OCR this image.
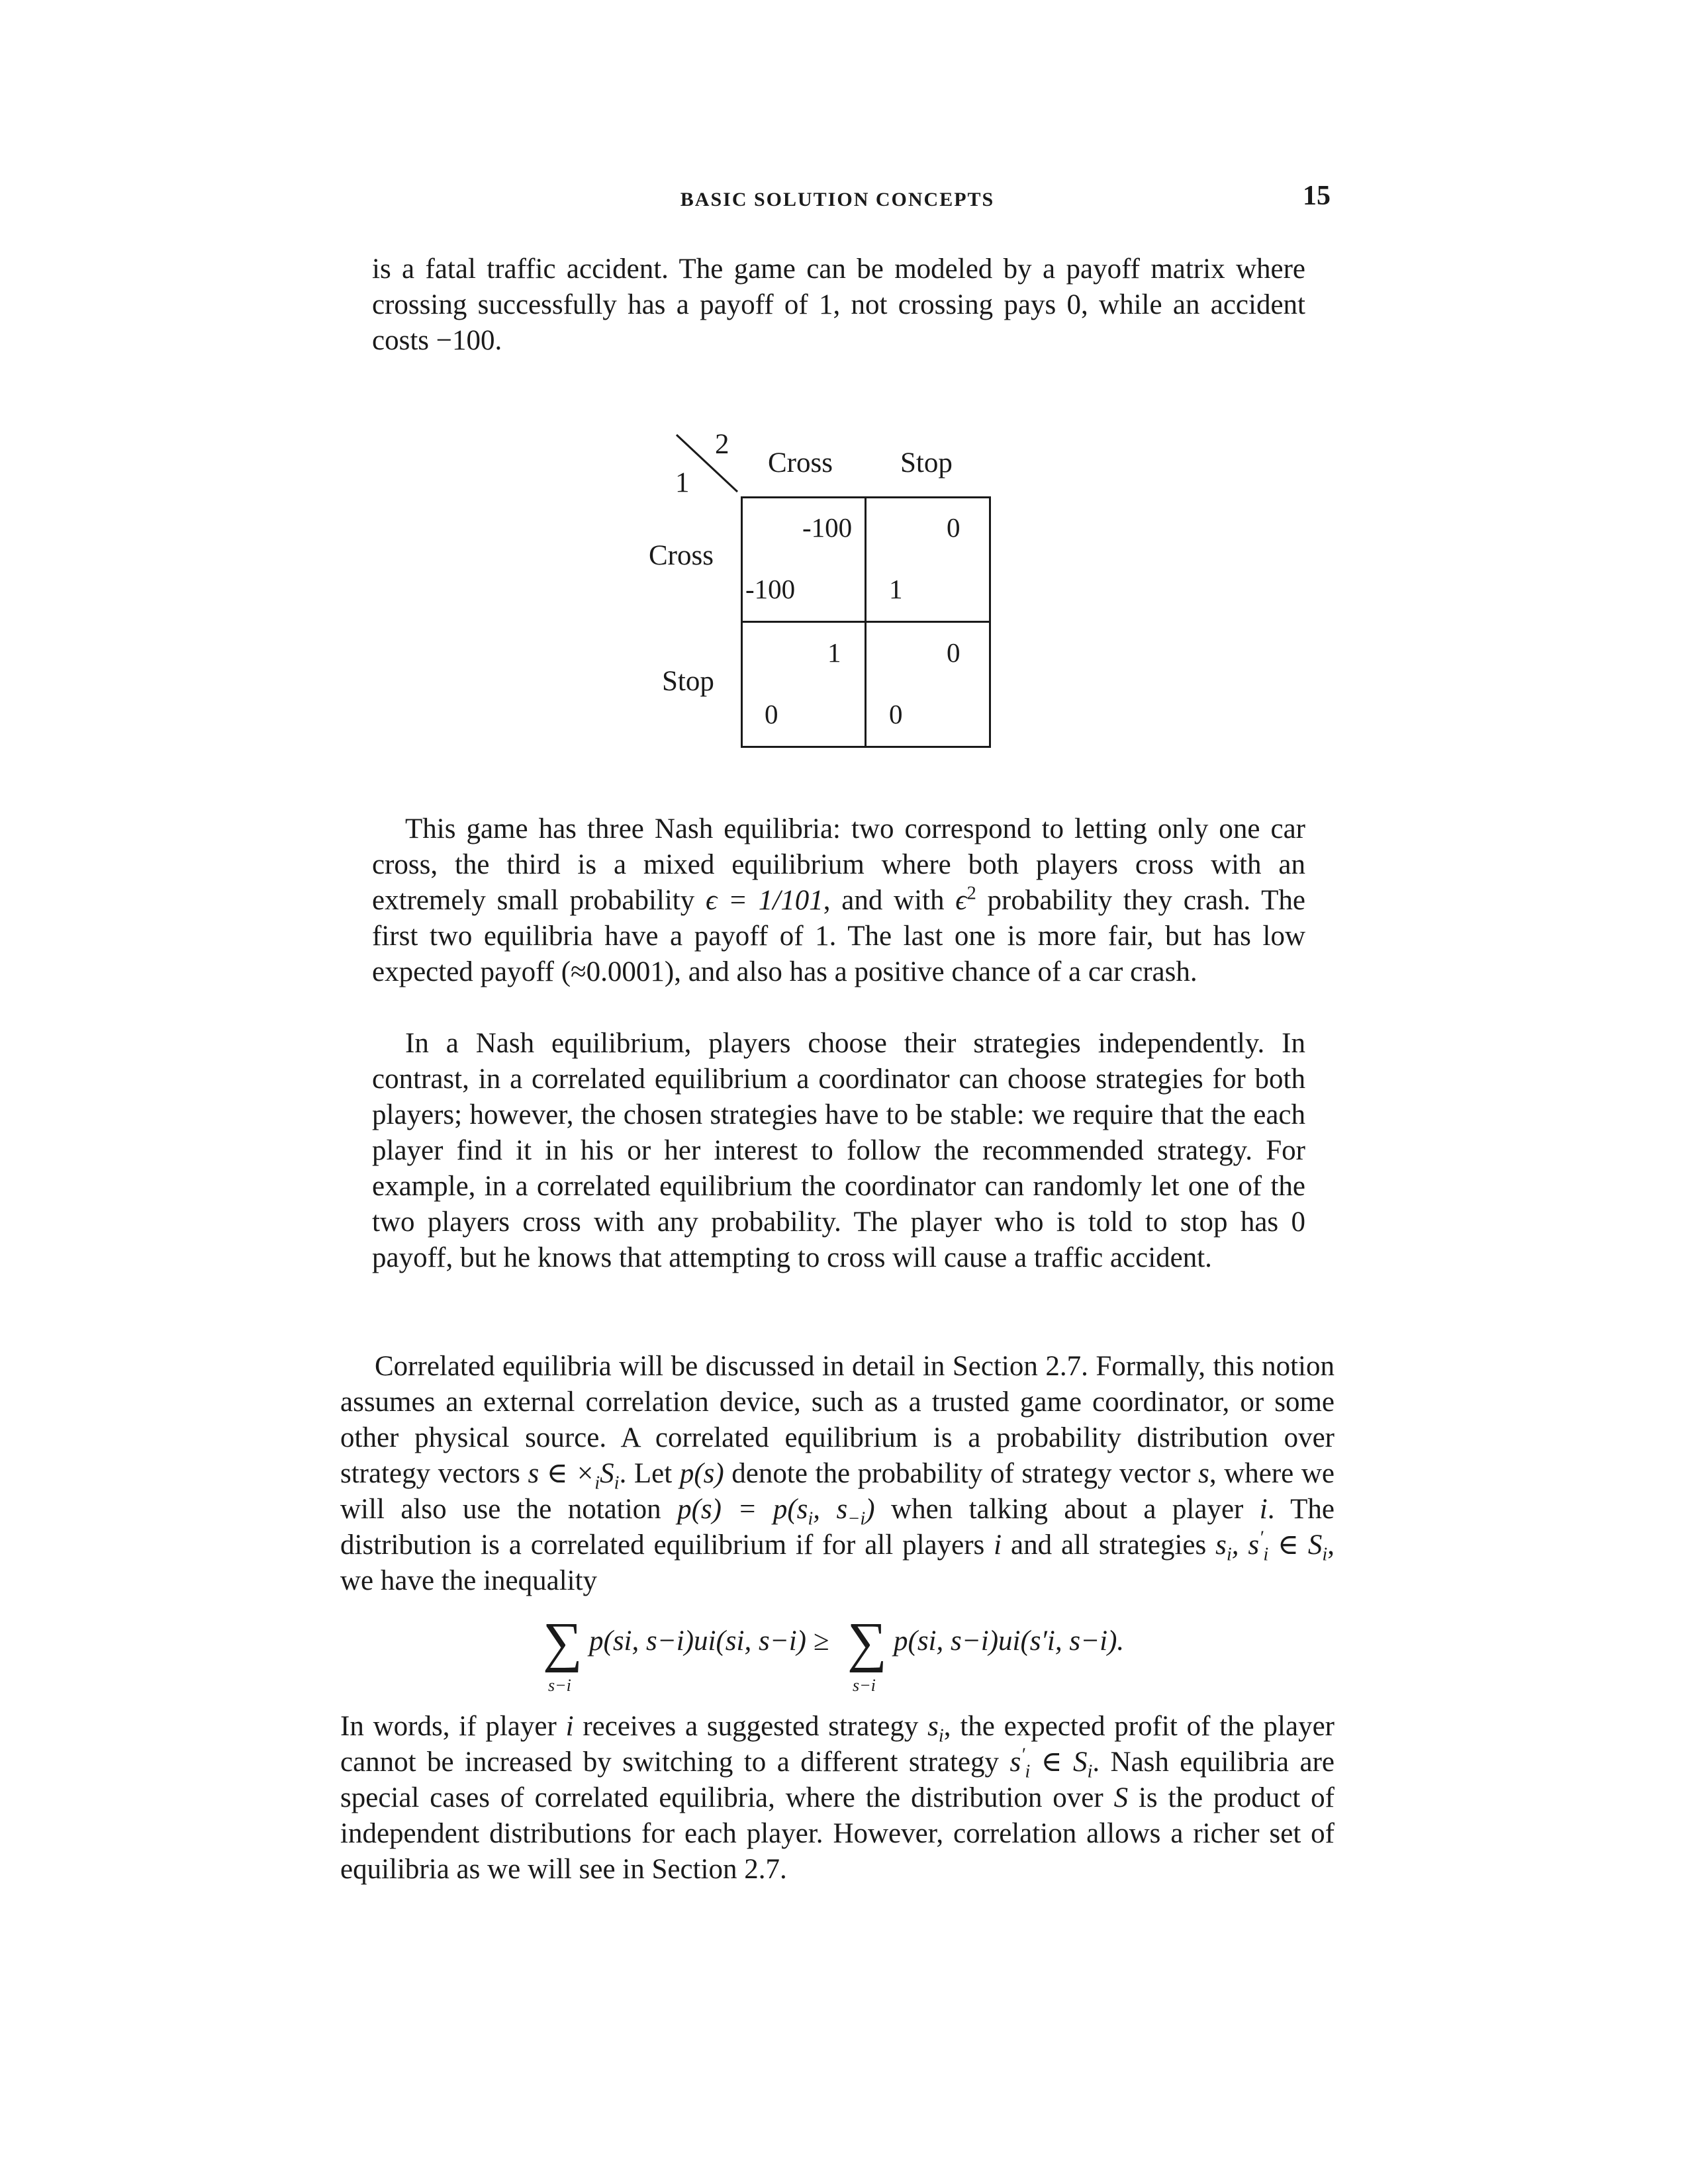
BASIC SOLUTION CONCEPTS	15

is a fatal traffic accident. The game can be modeled by a payoff matrix where crossing successfully has a payoff of 1, not crossing pays 0, while an accident costs −100.

2
1
Cross Stop
Cross
Stop
-100
-100
0
1
1
0
0
0

This game has three Nash equilibria: two correspond to letting only one car cross, the third is a mixed equilibrium where both players cross with an extremely small probability ϵ = 1/101, and with $\epsilon^2$ probability they crash. The first two equilibria have a payoff of 1. The last one is more fair, but has low expected payoff (≈0.0001), and also has a positive chance of a car crash.

In a Nash equilibrium, players choose their strategies independently. In contrast, in a correlated equilibrium a coordinator can choose strategies for both players; however, the chosen strategies have to be stable: we require that the each player find it in his or her interest to follow the recommended strategy. For example, in a correlated equilibrium the coordinator can randomly let one of the two players cross with any probability. The player who is told to stop has 0 payoff, but he knows that attempting to cross will cause a traffic accident.

Correlated equilibria will be discussed in detail in Section 2.7. Formally, this notion assumes an external correlation device, such as a trusted game coordinator, or some other physical source. A correlated equilibrium is a probability distribution over strategy vectors s ∈ $\times_iS_i$. Let p(s) denote the probability of strategy vector s, where we will also use the notation $p(s) = p(s_i$, $s_{-i}$) when talking about a player i. The distribution is a correlated equilibrium if for all players i and all strategies $s_i$, $s'_i$ ∈ $S_i$, we have the inequality

∑
s−i
p(si, s−i)ui(si, s−i) ≥ ∑
s−i
p(si, s−i)ui(s′i, s−i).

In words, if player i receives a suggested strategy $s_i$, the expected profit of the player cannot be increased by switching to a different strategy $s'_i$ ∈ $S_i$. Nash equilibria are special cases of correlated equilibria, where the distribution over S is the product of independent distributions for each player. However, correlation allows a richer set of equilibria as we will see in Section 2.7.
